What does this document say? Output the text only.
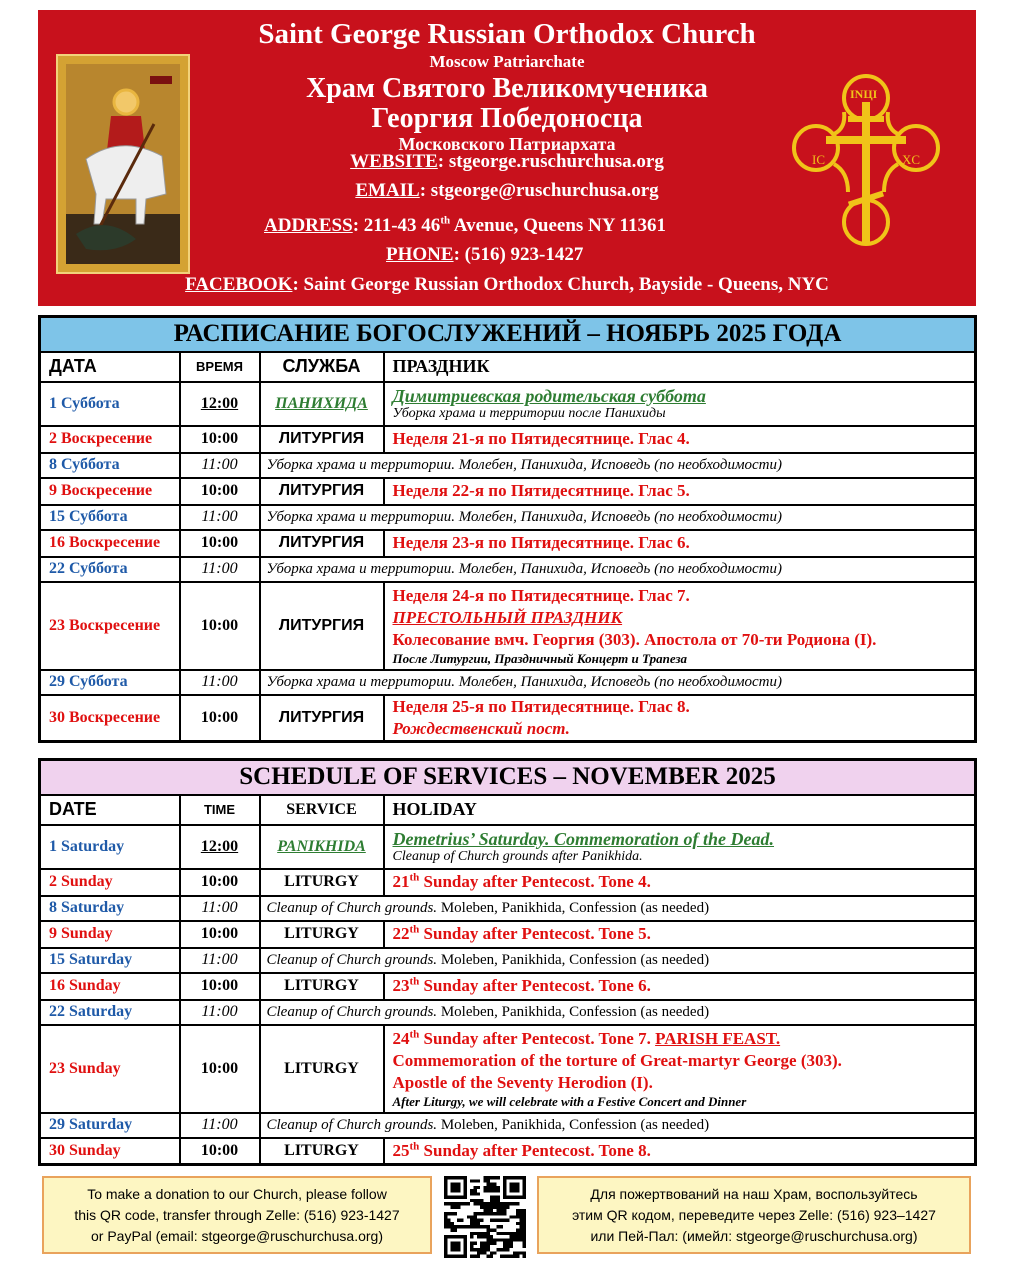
Saint George Russian Orthodox Church
Moscow Patriarchate
Храм Святого Великомученика
Георгия Победоносца
Московского Патриархата
WEBSITE: stgeorge.ruschurchusa.org
EMAIL: stgeorge@ruschurchusa.org
ADDRESS: 211-43 46th Avenue, Queens NY 11361
PHONE: (516) 923-1427
FACEBOOK: Saint George Russian Orthodox Church, Bayside - Queens, NYC
INЦI
IC	XC
РАСПИСАНИЕ БОГОСЛУЖЕНИЙ – НОЯБРЬ 2025 ГОДА			
ДАТА	ВРЕМЯ	СЛУЖБА	ПРАЗДНИК
1 Суббота	12:00	ПАНИХИДА	Димитриевская родительская суббота
Уборка храма и территории после Панихиды

2 Воскресение	10:00	ЛИТУРГИЯ	Неделя 21-я по Пятидесятнице. Глас 4.
8 Суббота	11:00	Уборка храма и территории. Молебен, Панихида, Исповедь (по необходимости)	
9 Воскресение	10:00	ЛИТУРГИЯ	Неделя 22-я по Пятидесятнице. Глас 5.
15 Суббота	11:00	Уборка храма и территории. Молебен, Панихида, Исповедь (по необходимости)	
16 Воскресение	10:00	ЛИТУРГИЯ	Неделя 23-я по Пятидесятнице. Глас 6.
22 Суббота	11:00	Уборка храма и территории. Молебен, Панихида, Исповедь (по необходимости)	
23 Воскресение	10:00	ЛИТУРГИЯ	Неделя 24-я по Пятидесятнице. Глас 7.
ПРЕСТОЛЬНЫЙ ПРАЗДНИК
Колесование вмч. Георгия (303). Апостола от 70-ти Родиона (I).
После Литургии, Праздничный Концерт и Трапеза

29 Суббота	11:00	Уборка храма и территории. Молебен, Панихида, Исповедь (по необходимости)	
30 Воскресение	10:00	ЛИТУРГИЯ	Неделя 25-я по Пятидесятнице. Глас 8.
Рождественский пост.
SCHEDULE OF SERVICES – NOVEMBER 2025			
DATE	TIME	SERVICE	HOLIDAY
1 Saturday	12:00	PANIKHIDA	Demetrius’ Saturday. Commemoration of the Dead.
Cleanup of Church grounds after Panikhida.

2 Sunday	10:00	LITURGY	21th Sunday after Pentecost. Tone 4.
8 Saturday	11:00	Cleanup of Church grounds. Moleben, Panikhida, Confession (as needed)	
9 Sunday	10:00	LITURGY	22th Sunday after Pentecost. Tone 5.
15 Saturday	11:00	Cleanup of Church grounds. Moleben, Panikhida, Confession (as needed)	
16 Sunday	10:00	LITURGY	23th Sunday after Pentecost. Tone 6.
22 Saturday	11:00	Cleanup of Church grounds. Moleben, Panikhida, Confession (as needed)	
23 Sunday	10:00	LITURGY	24th Sunday after Pentecost. Tone 7. PARISH FEAST.
Commemoration of the torture of Great-martyr George (303).
Apostle of the Seventy Herodion (I).
After Liturgy, we will celebrate with a Festive Concert and Dinner

29 Saturday	11:00	Cleanup of Church grounds. Moleben, Panikhida, Confession (as needed)	
30 Sunday	10:00	LITURGY	25th Sunday after Pentecost. Tone 8.
To make a donation to our Church, please follow
this QR code, transfer through Zelle: (516) 923-1427
or PayPal (email: stgeorge@ruschurchusa.org)
Для пожертвований на наш Храм, воспользуйтесь
этим QR кодом, переведите через Zelle: (516) 923–1427
или Пей-Пал: (имейл: stgeorge@ruschurchusa.org)
